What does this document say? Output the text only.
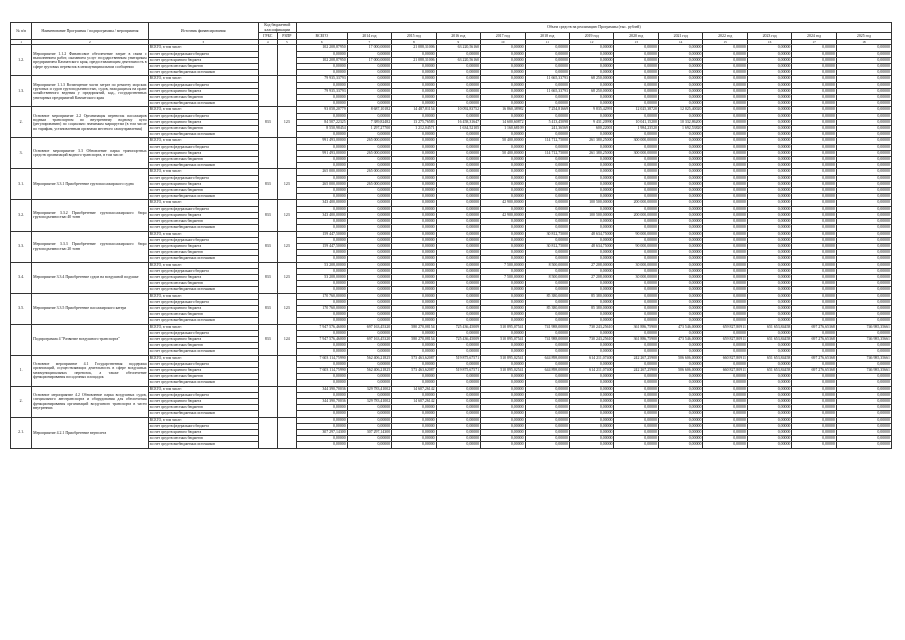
№ п/п	Наименование Программы / подпрограммы / мероприятия	Источник финансирования	Код бюджетной классификации		Объем средств на реализацию Программы (тыс. рублей)												
			ГРБС	РЗПР	ВСЕГО	2014 год	2015 год	2016 год	2017 год	2018 год	2019 год	2020 год	2021 год	2022 год	2023 год	2024 год	2025 год
1	2	3	4	5	6	7	8	9	10	11	12	13	14	15	16	17	18
1.2.	Мероприятие 1.1.2 Финансовое обеспечение затрат в связи с выполнением работ, оказанием услуг государственным унитарным предприятием Камчатского края, предоставляющим деятельность в сфере грузовых перевозок в межмуниципальном сообщении	ВСЕГО, в том числе:			102 208,87950	17 000,00000	21 088,31006	63 220,56160	0,00000	0,00000	0,00000	0,00000	0,00000	0,00000	0,00000	0,00000	0,00000
		за счет средств федерального бюджета			0,00000	0,00000	0,00000	0,00000	0,00000	0,00000	0,00000	0,00000	0,00000	0,00000	0,00000	0,00000	0,00000
		за счет средств краевого бюджета			102 208,87950	17 000,00000	21 088,31006	63 220,56160	0,00000	0,00000	0,00000	0,00000	0,00000	0,00000	0,00000	0,00000	0,00000
		за счет средств местных бюджетов			0,00000	0,00000	0,00000	0,00000	0,00000	0,00000	0,00000	0,00000	0,00000	0,00000	0,00000	0,00000	0,00000
		за счет средств внебюджетных источников			0,00000	0,00000	0,00000	0,00000	0,00000	0,00000	0,00000	0,00000	0,00000	0,00000	0,00000	0,00000	0,00000
1.3.	Мероприятие 1.1.3 Возмещение части затрат по ремонту морских грузовых и судов грузоподъемностью, судов, находящихся на праве хозяйственного ведения у предприятий, кад., государственных унитарных предприятий Камчатского края	ВСЕГО, в том числе:			79 935,33793	0,00000	0,00000	0,00000	0,00000	11 665,33793	68 250,00000	0,00000	0,00000	0,00000	0,00000	0,00000	0,00000
		за счет средств федерального бюджета			0,00000	0,00000	0,00000	0,00000	0,00000	0,00000	0,00000	0,00000	0,00000	0,00000	0,00000	0,00000	0,00000
		за счет средств краевого бюджета			79 935,33793	0,00000	0,00000	0,00000	0,00000	11 665,33793	68 250,00000	0,00000	0,00000	0,00000	0,00000	0,00000	0,00000
		за счет средств местных бюджетов			0,00000	0,00000	0,00000	0,00000	0,00000	0,00000	0,00000	0,00000	0,00000	0,00000	0,00000	0,00000	0,00000
		за счет средств внебюджетных источников			0,00000	0,00000	0,00000	0,00000	0,00000	0,00000	0,00000	0,00000	0,00000	0,00000	0,00000	0,00000	0,00000
2.	Основное мероприятие 2.2 Организация перевозок пассажиров водным транспортом по внутреннему водному пути (регулированию) по социально значимым маршрутам (в том числе по тарифам, установленным органами местного самоуправления)	ВСЕГО, в том числе:	833	123	93 058,20779	8 687,10182	14 487,81154	10 092,83752	16 860,38982	7 254,81669	9 835,42991	12 025,38720	12 025,40020	0,00000	0,00000	0,00000	0,00000
		за счет средств федерального бюджета			0,00000	0,00000	0,00000	0,00000	0,00000	0,00000	0,00000	0,00000	0,00000	0,00000	0,00000	0,00000	0,00000
		за счет средств краевого бюджета			84 507,22325	7 389,82482	13 275,76583	16 458,31647	14 600,60872	5 413,45098	9 431,20990	10 041,15200	10 332,86200	0,00000	0,00000	0,00000	0,00000
		за счет средств местных бюджетов			8 550,98454	1 297,27700	1 212,04571	1 634,52105	1 160,68109	241,36569	600,22001	1 984,23520	1 692,53820	0,00000	0,00000	0,00000	0,00000
		за счет средств внебюджетных источников			0,00000	0,00000	0,00000	0,00000	0,00000	0,00000	0,00000	0,00000	0,00000	0,00000	0,00000	0,00000	0,00000
3.	Основное мероприятие 3.3 Обновление парка транспортных средств организаций водного транспорта, в том числе:	ВСЕГО, в том числе:			991 493,00000	265 000,00000	0,00000	0,00000	50 400,00000	114 712,75000	261 380,25000	300 000,00000	0,00000	0,00000	0,00000	0,00000	0,00000
		за счет средств федерального бюджета			0,00000	0,00000	0,00000	0,00000	0,00000	0,00000	0,00000	0,00000	0,00000	0,00000	0,00000	0,00000	0,00000
		за счет средств краевого бюджета			991 493,00000	265 000,00000	0,00000	0,00000	50 400,00000	114 712,75000	261 380,25000	300 000,00000	0,00000	0,00000	0,00000	0,00000	0,00000
		за счет средств местных бюджетов			0,00000	0,00000	0,00000	0,00000	0,00000	0,00000	0,00000	0,00000	0,00000	0,00000	0,00000	0,00000	0,00000
		за счет средств внебюджетных источников			0,00000	0,00000	0,00000	0,00000	0,00000	0,00000	0,00000	0,00000	0,00000	0,00000	0,00000	0,00000	0,00000
3.1.	Мероприятие 3.3.1 Приобретение грузопассажирского судна	ВСЕГО, в том числе:	833	123	265 000,00000	265 000,00000	0,00000	0,00000	0,00000	0,00000	0,00000	0,00000	0,00000	0,00000	0,00000	0,00000	0,00000
		за счет средств федерального бюджета			0,00000	0,00000	0,00000	0,00000	0,00000	0,00000	0,00000	0,00000	0,00000	0,00000	0,00000	0,00000	0,00000
		за счет средств краевого бюджета			265 000,00000	265 000,00000	0,00000	0,00000	0,00000	0,00000	0,00000	0,00000	0,00000	0,00000	0,00000	0,00000	0,00000
		за счет средств местных бюджетов			0,00000	0,00000	0,00000	0,00000	0,00000	0,00000	0,00000	0,00000	0,00000	0,00000	0,00000	0,00000	0,00000
		за счет средств внебюджетных источников			0,00000	0,00000	0,00000	0,00000	0,00000	0,00000	0,00000	0,00000	0,00000	0,00000	0,00000	0,00000	0,00000
3.2.	Мероприятие 3.3.2 Приобретение грузопассажирского бюро грузоподъемностью 40 тонн	ВСЕГО, в том числе:	833	123	343 400,00000	0,00000	0,00000	0,00000	42 900,00000	0,00000	100 500,00000	200 000,00000	0,00000	0,00000	0,00000	0,00000	0,00000
		за счет средств федерального бюджета			0,00000	0,00000	0,00000	0,00000	0,00000	0,00000	0,00000	0,00000	0,00000	0,00000	0,00000	0,00000	0,00000
		за счет средств краевого бюджета			343 400,00000	0,00000	0,00000	0,00000	42 900,00000	0,00000	100 500,00000	200 000,00000	0,00000	0,00000	0,00000	0,00000	0,00000
		за счет средств местных бюджетов			0,00000	0,00000	0,00000	0,00000	0,00000	0,00000	0,00000	0,00000	0,00000	0,00000	0,00000	0,00000	0,00000
		за счет средств внебюджетных источников			0,00000	0,00000	0,00000	0,00000	0,00000	0,00000	0,00000	0,00000	0,00000	0,00000	0,00000	0,00000	0,00000
3.3.	Мероприятие 3.3.3 Приобретение грузопассажирского бюро грузоподъемностью 20 тонн	ВСЕГО, в том числе:	833	123	159 447,50000	0,00000	0,00000	0,00000	0,00000	30 812,75000	48 634,75000	90 000,00000	0,00000	0,00000	0,00000	0,00000	0,00000
		за счет средств федерального бюджета			0,00000	0,00000	0,00000	0,00000	0,00000	0,00000	0,00000	0,00000	0,00000	0,00000	0,00000	0,00000	0,00000
		за счет средств краевого бюджета			159 447,50000	0,00000	0,00000	0,00000	0,00000	30 812,75000	48 634,75000	90 000,00000	0,00000	0,00000	0,00000	0,00000	0,00000
		за счет средств местных бюджетов			0,00000	0,00000	0,00000	0,00000	0,00000	0,00000	0,00000	0,00000	0,00000	0,00000	0,00000	0,00000	0,00000
		за счет средств внебюджетных источников			0,00000	0,00000	0,00000	0,00000	0,00000	0,00000	0,00000	0,00000	0,00000	0,00000	0,00000	0,00000	0,00000
3.4.	Мероприятие 3.3.4 Приобретение судов на воздушной подушке	ВСЕГО, в том числе:	833	123	53 208,00000	0,00000	0,00000	0,00000	7 500,00000	8 500,00000	27 208,00000	30 000,00000	0,00000	0,00000	0,00000	0,00000	0,00000
		за счет средств федерального бюджета			0,00000	0,00000	0,00000	0,00000	0,00000	0,00000	0,00000	0,00000	0,00000	0,00000	0,00000	0,00000	0,00000
		за счет средств краевого бюджета			53 208,00000	0,00000	0,00000	0,00000	7 500,00000	8 500,00000	27 208,00000	30 000,00000	0,00000	0,00000	0,00000	0,00000	0,00000
		за счет средств местных бюджетов			0,00000	0,00000	0,00000	0,00000	0,00000	0,00000	0,00000	0,00000	0,00000	0,00000	0,00000	0,00000	0,00000
		за счет средств внебюджетных источников			0,00000	0,00000	0,00000	0,00000	0,00000	0,00000	0,00000	0,00000	0,00000	0,00000	0,00000	0,00000	0,00000
3.5.	Мероприятие 3.3.5 Приобретение пассажирского катера	ВСЕГО, в том числе:	833	123	170 760,00000	0,00000	0,00000	0,00000	0,00000	85 380,00000	85 380,00000	0,00000	0,00000	0,00000	0,00000	0,00000	0,00000
		за счет средств федерального бюджета			0,00000	0,00000	0,00000	0,00000	0,00000	0,00000	0,00000	0,00000	0,00000	0,00000	0,00000	0,00000	0,00000
		за счет средств краевого бюджета			170 760,00000	0,00000	0,00000	0,00000	0,00000	85 380,00000	85 380,00000	0,00000	0,00000	0,00000	0,00000	0,00000	0,00000
		за счет средств местных бюджетов			0,00000	0,00000	0,00000	0,00000	0,00000	0,00000	0,00000	0,00000	0,00000	0,00000	0,00000	0,00000	0,00000
		за счет средств внебюджетных источников			0,00000	0,00000	0,00000	0,00000	0,00000	0,00000	0,00000	0,00000	0,00000	0,00000	0,00000	0,00000	0,00000
	Подпрограмма 4 "Развитие воздушного транспорта"	ВСЕГО, в том числе:	833	124	7 947 576,46000	697 163,45320	580 270,08154	725 436,45009	510 895,07541	741 988,00000	730 243,25610	361 886,75900	473 546,00000	659 827,80911	651 653,84458	697 276,65368	746 985,35661
		за счет средств федерального бюджета			0,00000	0,00000	0,00000	0,00000	0,00000	0,00000	0,00000	0,00000	0,00000	0,00000	0,00000	0,00000	0,00000
		за счет средств краевого бюджета			7 947 576,46000	697 163,45320	580 270,08154	725 436,45009	510 895,07541	741 988,00000	730 243,25610	361 886,75900	473 546,00000	659 827,80911	651 653,84458	697 276,65368	746 985,35661
		за счет средств местных бюджетов			0,00000	0,00000	0,00000	0,00000	0,00000	0,00000	0,00000	0,00000	0,00000	0,00000	0,00000	0,00000	0,00000
		за счет средств внебюджетных источников			0,00000	0,00000	0,00000	0,00000	0,00000	0,00000	0,00000	0,00000	0,00000	0,00000	0,00000	0,00000	0,00000
1.	Основное мероприятие 4.1 Государственная поддержка организаций, осуществляющих деятельность в сфере воздушных межмуниципальных перевозок, а также обеспечение функционирования посадочных площадок	ВСЕГО, в том числе:			7 603 114,75990	562 406,21825	573 463,62087	519 875,67571	510 895,02541	644 898,00000	614 211,07400	242 267,25900	506 606,00000	660 827,80911	651 653,84458	697 276,65368	746 985,35661
		за счет средств федерального бюджета			0,00000	0,00000	0,00000	0,00000	0,00000	0,00000	0,00000	0,00000	0,00000	0,00000	0,00000	0,00000	0,00000
		за счет средств краевого бюджета			7 603 114,75990	562 406,21825	573 463,62087	519 875,67571	510 895,02541	644 898,00000	614 211,07400	242 267,25900	506 606,00000	660 827,80911	651 653,84458	697 276,65368	746 985,35661
		за счет средств местных бюджетов			0,00000	0,00000	0,00000	0,00000	0,00000	0,00000	0,00000	0,00000	0,00000	0,00000	0,00000	0,00000	0,00000
		за счет средств внебюджетных источников			0,00000	0,00000	0,00000	0,00000	0,00000	0,00000	0,00000	0,00000	0,00000	0,00000	0,00000	0,00000	0,00000
2.	Основное мероприятие 4.2 Обновление парка воздушных судов, специального автотранспорта и оборудования для обеспечения функционирования организаций воздушного транспорта в части внутренних	ВСЕГО, в том числе:			344 390,70036	329 783,41002	14 607,26142	0,00000	0,00000	0,00000	0,00000	0,00000	0,00000	0,00000	0,00000	0,00000	0,00000
		за счет средств федерального бюджета			0,00000	0,00000	0,00000	0,00000	0,00000	0,00000	0,00000	0,00000	0,00000	0,00000	0,00000	0,00000	0,00000
		за счет средств краевого бюджета			344 390,70036	329 783,41002	14 607,26142	0,00000	0,00000	0,00000	0,00000	0,00000	0,00000	0,00000	0,00000	0,00000	0,00000
		за счет средств местных бюджетов			0,00000	0,00000	0,00000	0,00000	0,00000	0,00000	0,00000	0,00000	0,00000	0,00000	0,00000	0,00000	0,00000
		за счет средств внебюджетных источников			0,00000	0,00000	0,00000	0,00000	0,00000	0,00000	0,00000	0,00000	0,00000	0,00000	0,00000	0,00000	0,00000
2.1.	Мероприятие 4.2.1 Приобретение вертолета	ВСЕГО, в том числе:			0,00000	0,00000	0,00000	0,00000	0,00000	0,00000	0,00000	0,00000	0,00000	0,00000	0,00000	0,00000	0,00000
		за счет средств федерального бюджета			0,00000	0,00000	0,00000	0,00000	0,00000	0,00000	0,00000	0,00000	0,00000	0,00000	0,00000	0,00000	0,00000
		за счет средств краевого бюджета			307 297,14300	307 297,14300	0,00000	0,00000	0,00000	0,00000	0,00000	0,00000	0,00000	0,00000	0,00000	0,00000	0,00000
		за счет средств местных бюджетов			0,00000	0,00000	0,00000	0,00000	0,00000	0,00000	0,00000	0,00000	0,00000	0,00000	0,00000	0,00000	0,00000
		за счет средств внебюджетных источников			0,00000	0,00000	0,00000	0,00000	0,00000	0,00000	0,00000	0,00000	0,00000	0,00000	0,00000	0,00000	0,00000
